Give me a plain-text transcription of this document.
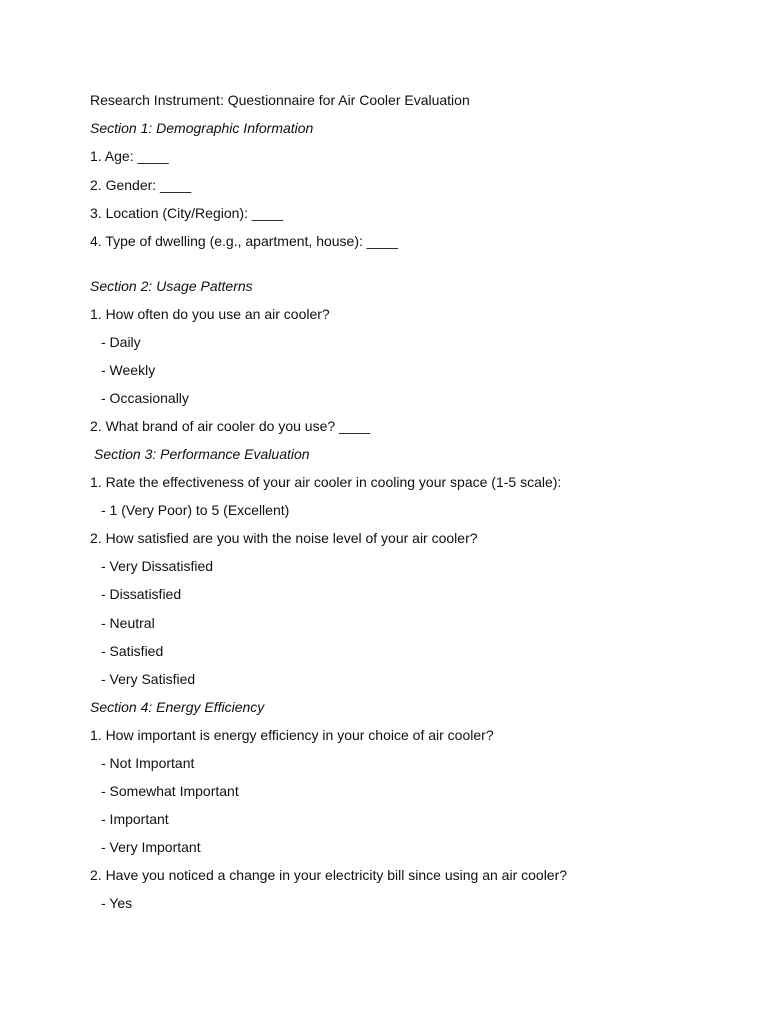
Research Instrument: Questionnaire for Air Cooler Evaluation
Section 1: Demographic Information
1. Age: ____
2. Gender: ____
3. Location (City/Region): ____
4. Type of dwelling (e.g., apartment, house): ____
Section 2: Usage Patterns
1. How often do you use an air cooler?
- Daily
- Weekly
- Occasionally
2. What brand of air cooler do you use? ____
Section 3: Performance Evaluation
1. Rate the effectiveness of your air cooler in cooling your space (1-5 scale):
- 1 (Very Poor) to 5 (Excellent)
2. How satisfied are you with the noise level of your air cooler?
- Very Dissatisfied
- Dissatisfied
- Neutral
- Satisfied
- Very Satisfied
Section 4: Energy Efficiency
1. How important is energy efficiency in your choice of air cooler?
- Not Important
- Somewhat Important
- Important
- Very Important
2. Have you noticed a change in your electricity bill since using an air cooler?
- Yes
